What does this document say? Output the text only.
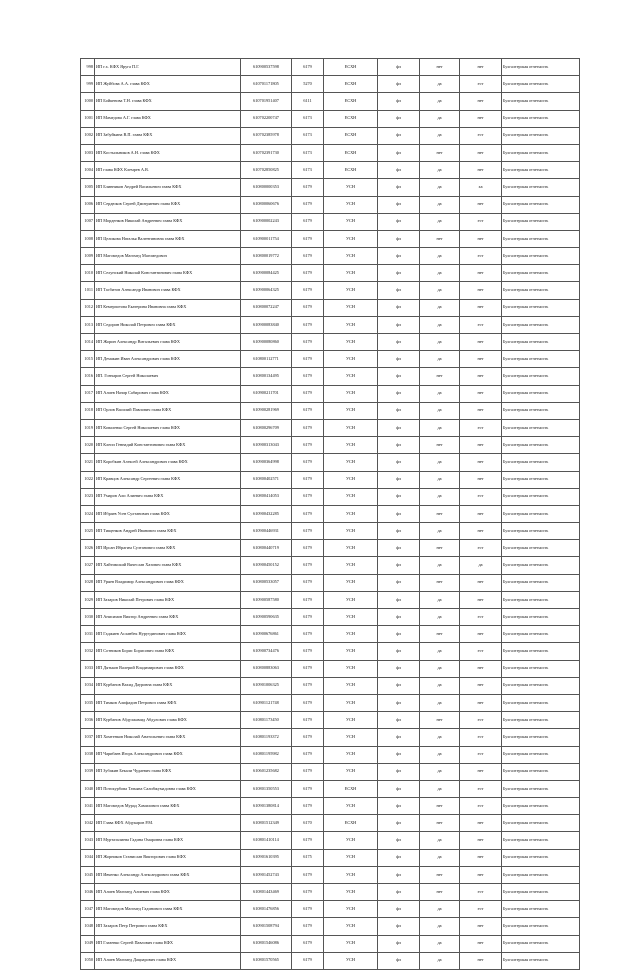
998	ИП г.х. КФХ Яруга П.Г.	610900537598	6179	ЕСХН	фл	нет	нет	Бухгалтерская отчетность
999	ИП Жуйбова А.А. глава КФХ	610701171805	5270	ЕСХН	фл	да	ест	Бухгалтерская отчетность
1000	ИП Бойкенова Т.Н. глава КФХ	610701951407	6111	ЕСХН	фл	да	нет	Бухгалтерская отчетность
1001	ИП Мамедова А.Г. глава КФХ	610702200747	6173	ЕСХН	фл	да	нет	Бухгалтерская отчетность
1002	ИП Забуйкина В.П. глава КФХ	610702385978	6173	ЕСХН	фл	да	ест	Бухгалтерская отчетность
1003	ИП Костыльников А.Н. глава КФХ	610702391730	6173	ЕСХН	фл	нет	нет	Бухгалтерская отчетность
1004	ИП глава КФХ Клемрев А.В.	610702850825	6173	ЕСХН	фл	да	нет	Бухгалтерская отчетность
1005	ИП Блинников Андрей Васильевич глава КФХ	610800000353	6179	УСН	фл	да	ха	Бухгалтерская отчетность
1006	ИП Сердюков Сергей Дмитриевич глава КФХ	610800060676	6179	УСН	фл	да	нет	Бухгалтерская отчетность
1007	ИП Морденков Николай Андреевич глава КФХ	610900002243	6179	УСН	фл	да	ест	Бухгалтерская отчетность
1008	ИП Целикова Наталья Валентиновна глава КФХ	610900011754	6179	УСН	фл	нет	нет	Бухгалтерская отчетность
1009	ИП Магомедов Магомед Магомедович	610800019772	6179	УСН	фл	да	ест	Бухгалтерская отчетность
1010	ИП Селунский Николай Константинович глава КФХ	610900084425	6179	УСН	фл	да	нет	Бухгалтерская отчетность
1011	ИП Тасбитов Александр Иванович глава КФХ	610900064325	6179	УСН	фл	да	нет	Бухгалтерская отчетность
1012	ИП Кемерпотова Екатерина Ивановна глава КФХ	610800072247	6179	УСН	фл	да	нет	Бухгалтерская отчетность
1013	ИП Седорин Николай Петрович глава КФХ	610900083840	6179	УСН	фл	да	ест	Бухгалтерская отчетность
1014	ИП Жорин Александр Витальевич глава КФХ	610900080860	6179	УСН	фл	да	нет	Бухгалтерская отчетность
1015	ИП Демакин Иван Александрович глава КФХ	610800112771	6179	УСН	фл	да	нет	Бухгалтерская отчетность
1016	ИП. Гончаров Сергей Николаевич	610800134495	6179	УСН	фл	нет	нет	Бухгалтерская отчетность
1017	ИП Алиев Назир Сабирович глава КФХ	610900211701	6179	УСН	фл	да	нет	Бухгалтерская отчетность
1018	ИП Орлов Василий Павлович глава КФХ	610900281969	6179	УСН	фл	да	нет	Бухгалтерская отчетность
1019	ИП Коваленко Сергей Николаевич глава КФХ	610800296709	6179	УСН	фл	да	ест	Бухгалтерская отчетность
1020	ИП Клепп Геннадий Константинович глава КФХ	610900313043	6179	УСН	фл	нет	нет	Бухгалтерская отчетность
1021	ИП Коробкин Алексей Александрович глава КФХ	610900364998	6179	УСН	фл	да	нет	Бухгалтерская отчетность
1022	ИП Кравцов Александр Сергеевич глава КФХ	610800402571	6179	УСН	фл	да	нет	Бухгалтерская отчетность
1023	ИП Умаров Али Алиевич глава КФХ	610800414053	6179	УСН	фл	да	ест	Бухгалтерская отчетность
1024	ИП Ибраев Усен Султанович глава КФХ	610900432285	6179	УСН	фл	нет	нет	Бухгалтерская отчетность
1025	ИП Тищенков Андрей Иванович глава КФХ	610900446931	6179	УСН	фл	да	нет	Бухгалтерская отчетность
1026	ИП Ирсан Ибрагим Султанович глава КФХ	610800440719	6179	УСН	фл	нет	ест	Бухгалтерская отчетность
1027	ИП Хайтимский Вячеслав Хазович глава КФХ	610900450152	6179	УСН	фл	да	да	Бухгалтерская отчетность
1028	ИП Уряев Владимир Александрович глава КФХ	610800533057	6179	УСН	фл	нет	нет	Бухгалтерская отчетность
1029	ИП Захаров Николай Петрович глава КФХ	610900587580	6179	УСН	фл	да	нет	Бухгалтерская отчетность
1030	ИП Анисимов Виктор Андреевич глава КФХ	610900590635	6179	УСН	фл	да	ест	Бухгалтерская отчетность
1031	ИП Гаджиев Асланбек Нурутдинович глава КФХ	610900676861	6179	УСН	фл	нет	нет	Бухгалтерская отчетность
1032	ИП Сотников Борис Борисович глава КФХ	610900734476	6179	УСН	фл	да	ест	Бухгалтерская отчетность
1033	ИП Дятьков Валерий Владимирович глава КФХ	610800883063	6179	УСН	фл	да	нет	Бухгалтерская отчетность
1034	ИП Курбанов Вахид Дауровна глава КФХ	610901006325	6179	УСН	фл	да	нет	Бухгалтерская отчетность
1035	ИП Тимков Алифадин Петрович глава КФХ	610901121748	6179	УСН	фл	да	нет	Бухгалтерская отчетность
1036	ИП Курбанов Абдулжамид Абдулович глава КФХ	610801173450	6179	УСН	фл	нет	ест	Бухгалтерская отчетность
1037	ИП Хомтенков Николай Анатольевич глава КФХ	610801193372	6179	УСН	фл	да	ест	Бухгалтерская отчетность
1038	ИП Чарибаев Игорь Александрович глава КФХ	610801195982	6179	УСН	фл	да	ест	Бухгалтерская отчетность
1039	ИП Зубакин Бекали Чудаевич глава КФХ	610601235682	6179	УСН	фл	да	нет	Бухгалтерская отчетность
1040	ИП Потокурбова Татьяна Салибжумадовна глава КФХ	610801350553	6179	ЕСХН	фл	да	ест	Бухгалтерская отчетность
1041	ИП Магомедов Мурад Хамилович глава КФХ	610901380814	6179	УСН	фл	нет	ест	Бухгалтерская отчетность
1042	ИП Глава КФХ Абдукаров Р.М.	610801512349	6170	ЕСХН	фл	нет	нет	Бухгалтерская отчетность
1043	ИП Муртазалиева Гадина Омаровна глава КФХ	610801410114	6179	УСН	фл	да	нет	Бухгалтерская отчетность
1044	ИП Жорников Станислав Викторович глава КФХ	610901610395	6175	УСН	фл	да	нет	Бухгалтерская отчетность
1045	ИП Ивченко Александр Александрович глава КФХ	610901452743	6179	УСН	фл	нет	нет	Бухгалтерская отчетность
1046	ИП Алиев Магомед Алиевич глава КФХ	610801443469	6179	УСН	фл	нет	ест	Бухгалтерская отчетность
1047	ИП Магомедов Магомед Гадинович глава КФХ	610801476856	6179	УСН	фл	да	ест	Бухгалтерская отчетность
1048	ИП Захаров Петр Петрович глава КФХ	610901508794	6179	УСН	фл	да	нет	Бухгалтерская отчетность
1049	ИП Глазенко Сергей Павлович глава КФХ	610801546086	6179	УСН	фл	да	нет	Бухгалтерская отчетность
1050	ИП Алиев Магомед Дациарович глава КФХ	610801570565	6179	УСН	фл	да	нет	Бухгалтерская отчетность
